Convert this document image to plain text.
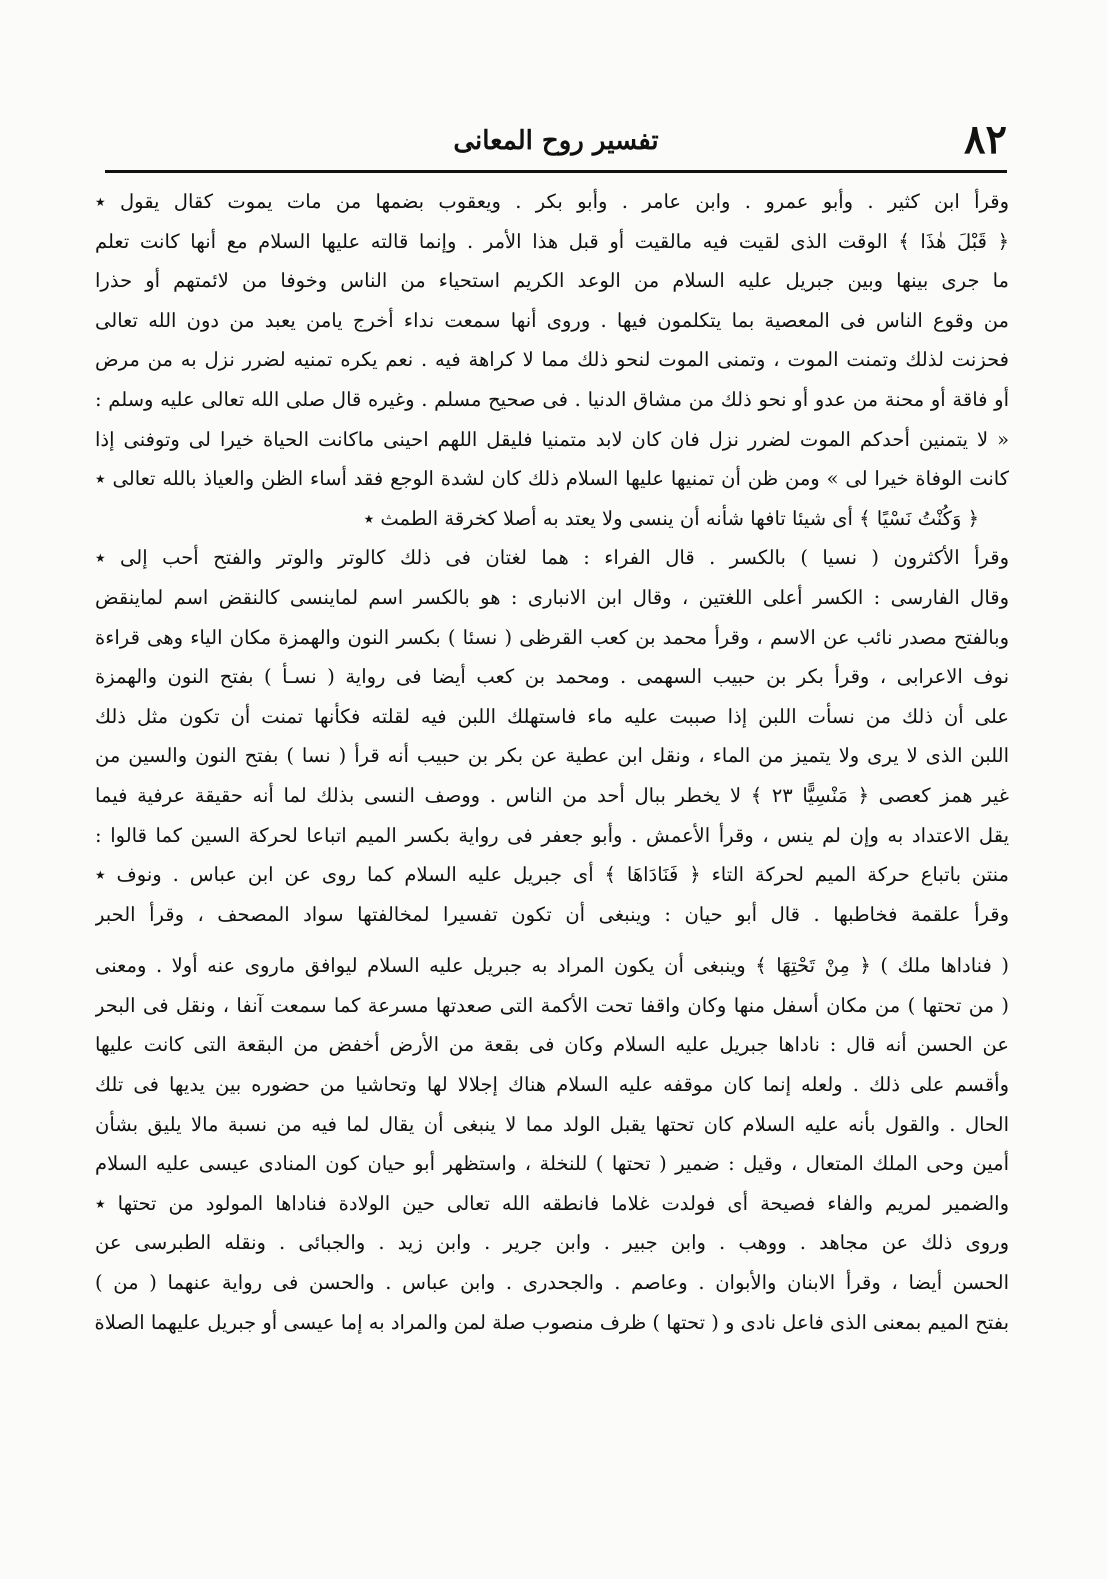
٨٢
تفسير روح المعانى
وقرأ ابن كثير . وأبو عمرو . وابن عامر . وأبو بكر . ويعقوب بضمها من مات يموت كقال يقول ٭
﴿ قَبْلَ هٰذَا ﴾ الوقت الذى لقيت فيه مالقيت أو قبل هذا الأمر . وإنما قالته عليها السلام مع أنها كانت تعلم
ما جرى بينها وبين جبريل عليه السلام من الوعد الكريم استحياء من الناس وخوفا من لائمتهم أو حذرا
من وقوع الناس فى المعصية بما يتكلمون فيها . وروى أنها سمعت نداء أخرج يامن يعبد من دون الله تعالى
فحزنت لذلك وتمنت الموت ، وتمنى الموت لنحو ذلك مما لا كراهة فيه . نعم يكره تمنيه لضرر نزل به من مرض
أو فاقة أو محنة من عدو أو نحو ذلك من مشاق الدنيا . فى صحيح مسلم . وغيره قال صلى الله تعالى عليه وسلم :
« لا يتمنين أحدكم الموت لضرر نزل فان كان لابد متمنيا فليقل اللهم احينى ماكانت الحياة خيرا لى وتوفنى إذا
كانت الوفاة خيرا لى » ومن ظن أن تمنيها عليها السلام ذلك كان لشدة الوجع فقد أساء الظن والعياذ بالله تعالى ٭
﴿ وَكُنْتُ نَسْيًا ﴾ أى شيئا تافها شأنه أن ينسى ولا يعتد به أصلا كخرقة الطمث ٭
وقرأ الأكثرون ( نسيا ) بالكسر . قال الفراء : هما لغتان فى ذلك كالوتر والوتر والفتح أحب إلى ٭
وقال الفارسى : الكسر أعلى اللغتين ، وقال ابن الانبارى : هو بالكسر اسم لماينسى كالنقض اسم لماينقض
وبالفتح مصدر نائب عن الاسم ، وقرأ محمد بن كعب القرظى ( نسئا ) بكسر النون والهمزة مكان الياء وهى قراءة
نوف الاعرابى ، وقرأ بكر بن حبيب السهمى . ومحمد بن كعب أيضا فى رواية ( نسـأ ) بفتح النون والهمزة
على أن ذلك من نسأت اللبن إذا صببت عليه ماء فاستهلك اللبن فيه لقلته فكأنها تمنت أن تكون مثل ذلك
اللبن الذى لا يرى ولا يتميز من الماء ، ونقل ابن عطية عن بكر بن حبيب أنه قرأ ( نسا ) بفتح النون والسين من
غير همز كعصى ﴿ مَنْسِيًّا ٢٣ ﴾ لا يخطر ببال أحد من الناس . ووصف النسى بذلك لما أنه حقيقة عرفية فيما
يقل الاعتداد به وإن لم ينس ، وقرأ الأعمش . وأبو جعفر فى رواية بكسر الميم اتباعا لحركة السين كما قالوا :
منتن باتباع حركة الميم لحركة التاء ﴿ فَنَادَاهَا ﴾ أى جبريل عليه السلام كما روى عن ابن عباس . ونوف ٭
وقرأ علقمة فخاطبها . قال أبو حيان : وينبغى أن تكون تفسيرا لمخالفتها سواد المصحف ، وقرأ الحبر
( فناداها ملك ) ﴿ مِنْ تَحْتِهَا ﴾ وينبغى أن يكون المراد به جبريل عليه السلام ليوافق ماروى عنه أولا . ومعنى
( من تحتها ) من مكان أسفل منها وكان واقفا تحت الأكمة التى صعدتها مسرعة كما سمعت آنفا ، ونقل فى البحر
عن الحسن أنه قال : ناداها جبريل عليه السلام وكان فى بقعة من الأرض أخفض من البقعة التى كانت عليها
وأقسم على ذلك . ولعله إنما كان موقفه عليه السلام هناك إجلالا لها وتحاشيا من حضوره بين يديها فى تلك
الحال . والقول بأنه عليه السلام كان تحتها يقبل الولد مما لا ينبغى أن يقال لما فيه من نسبة مالا يليق بشأن
أمين وحى الملك المتعال ، وقيل : ضمير ( تحتها ) للنخلة ، واستظهر أبو حيان كون المنادى عيسى عليه السلام
والضمير لمريم والفاء فصيحة أى فولدت غلاما فانطقه الله تعالى حين الولادة فناداها المولود من تحتها ٭
وروى ذلك عن مجاهد . ووهب . وابن جبير . وابن جرير . وابن زيد . والجبائى . ونقله الطبرسى عن
الحسن أيضا ، وقرأ الابنان والأبوان . وعاصم . والجحدرى . وابن عباس . والحسن فى رواية عنهما ( من )
بفتح الميم بمعنى الذى فاعل نادى و ( تحتها ) ظرف منصوب صلة لمن والمراد به إما عيسى أو جبريل عليهما الصلاة
